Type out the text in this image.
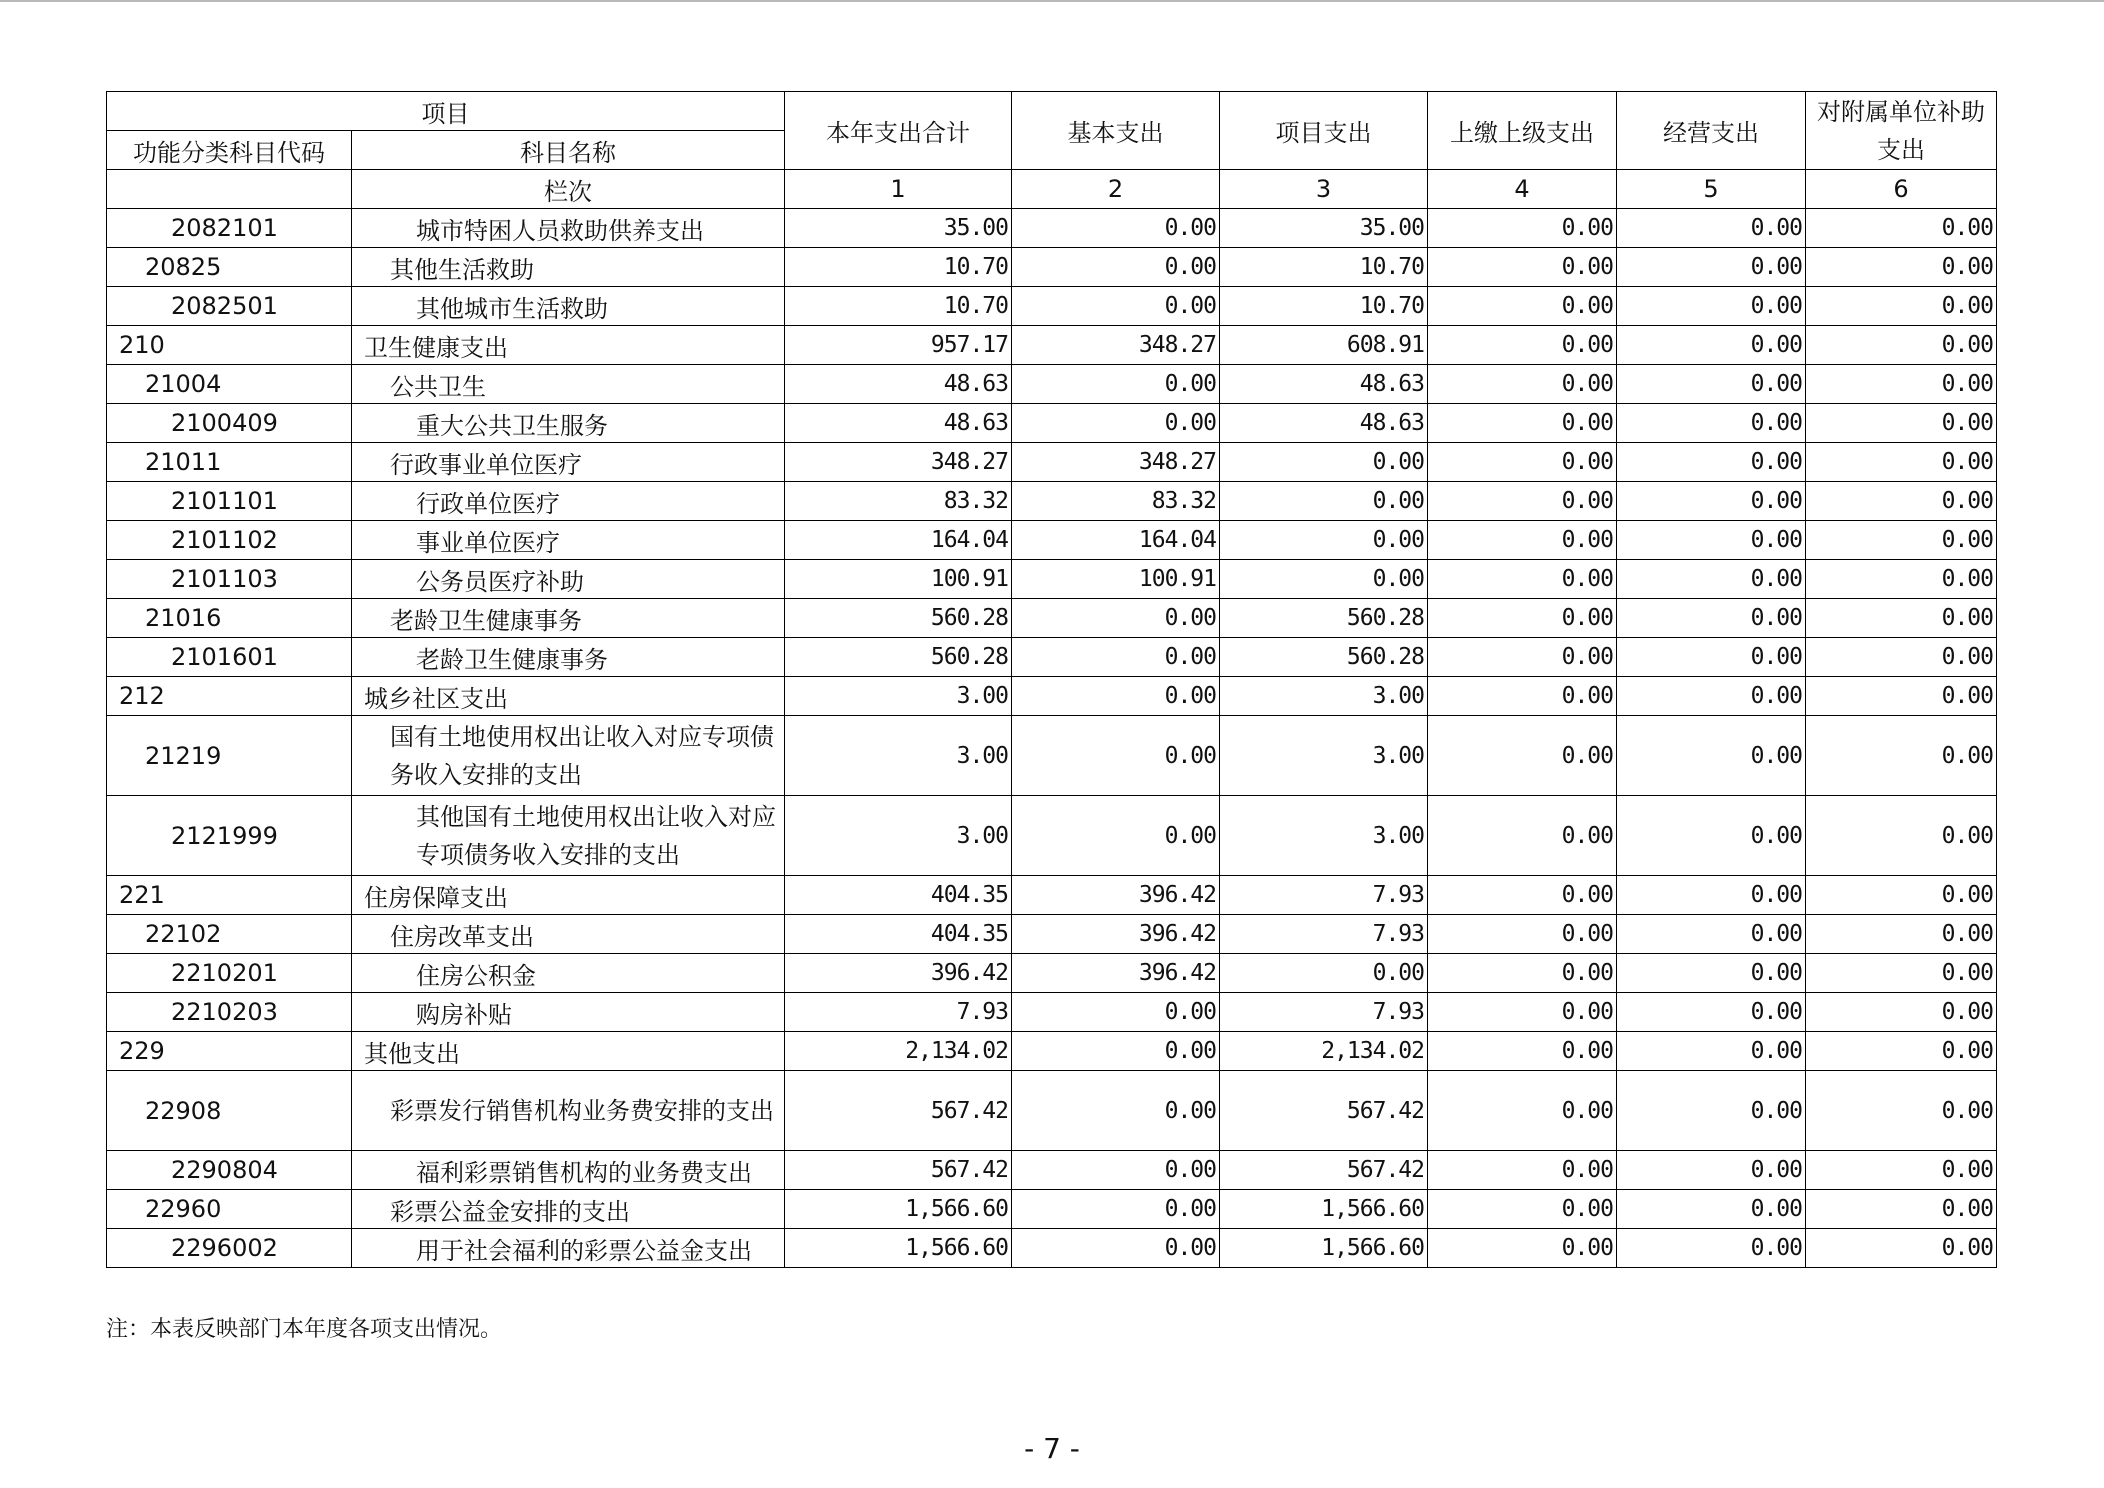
项目		本年支出合计	基本支出	项目支出	上缴上级支出	经营支出	对附属单位补助支出
功能分类科目代码	科目名称						
	栏次	1	2	3	4	5	6
2082101	城市特困人员救助供养支出	35.00	0.00	35.00	0.00	0.00	0.00
20825	其他生活救助	10.70	0.00	10.70	0.00	0.00	0.00
2082501	其他城市生活救助	10.70	0.00	10.70	0.00	0.00	0.00
210	卫生健康支出	957.17	348.27	608.91	0.00	0.00	0.00
21004	公共卫生	48.63	0.00	48.63	0.00	0.00	0.00
2100409	重大公共卫生服务	48.63	0.00	48.63	0.00	0.00	0.00
21011	行政事业单位医疗	348.27	348.27	0.00	0.00	0.00	0.00
2101101	行政单位医疗	83.32	83.32	0.00	0.00	0.00	0.00
2101102	事业单位医疗	164.04	164.04	0.00	0.00	0.00	0.00
2101103	公务员医疗补助	100.91	100.91	0.00	0.00	0.00	0.00
21016	老龄卫生健康事务	560.28	0.00	560.28	0.00	0.00	0.00
2101601	老龄卫生健康事务	560.28	0.00	560.28	0.00	0.00	0.00
212	城乡社区支出	3.00	0.00	3.00	0.00	0.00	0.00
21219	国有土地使用权出让收入对应专项债务收入安排的支出	3.00	0.00	3.00	0.00	0.00	0.00
2121999	其他国有土地使用权出让收入对应专项债务收入安排的支出	3.00	0.00	3.00	0.00	0.00	0.00
221	住房保障支出	404.35	396.42	7.93	0.00	0.00	0.00
22102	住房改革支出	404.35	396.42	7.93	0.00	0.00	0.00
2210201	住房公积金	396.42	396.42	0.00	0.00	0.00	0.00
2210203	购房补贴	7.93	0.00	7.93	0.00	0.00	0.00
229	其他支出	2,134.02	0.00	2,134.02	0.00	0.00	0.00
22908	彩票发行销售机构业务费安排的支出	567.42	0.00	567.42	0.00	0.00	0.00
2290804	福利彩票销售机构的业务费支出	567.42	0.00	567.42	0.00	0.00	0.00
22960	彩票公益金安排的支出	1,566.60	0.00	1,566.60	0.00	0.00	0.00
2296002	用于社会福利的彩票公益金支出	1,566.60	0.00	1,566.60	0.00	0.00	0.00
注：本表反映部门本年度各项支出情况。
- 7 -
